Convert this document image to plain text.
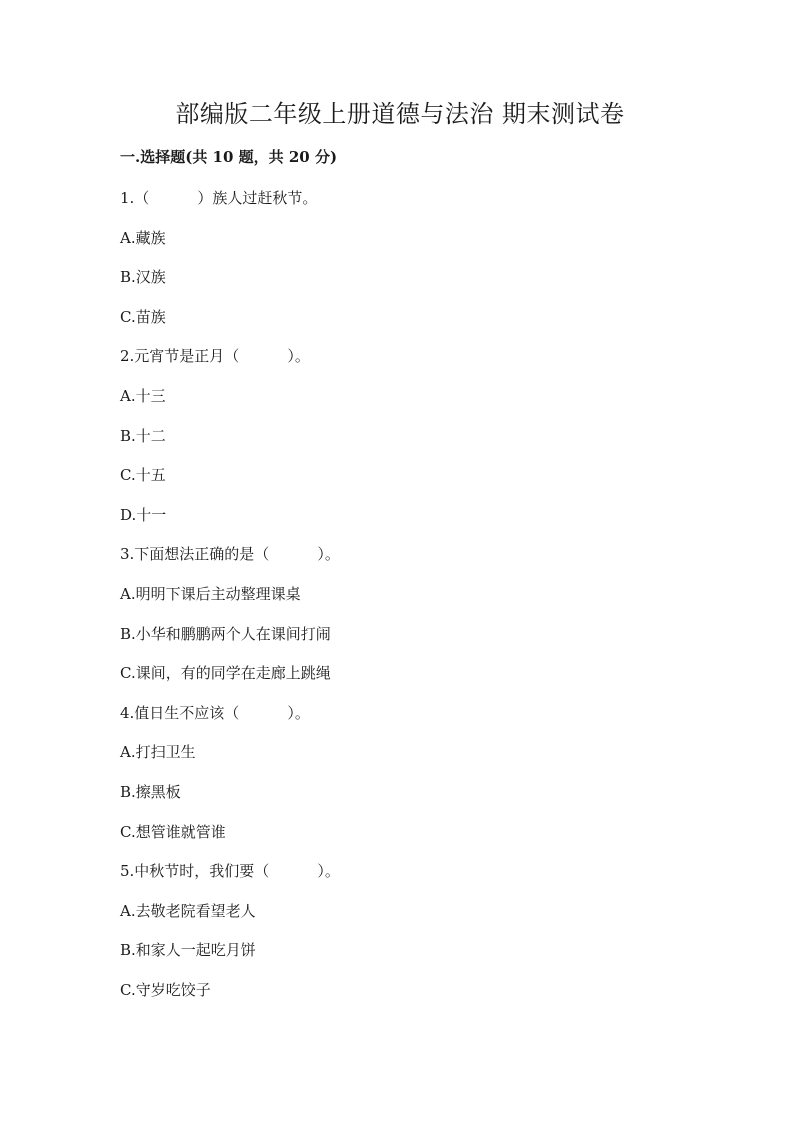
部编版二年级上册道德与法治 期末测试卷
一.选择题(共 10 题，共 20 分)
1.（	）族人过赶秋节。
A.藏族
B.汉族
C.苗族
2.元宵节是正月（	）。
A.十三
B.十二
C.十五
D.十一
3.下面想法正确的是（	）。
A.明明下课后主动整理课桌
B.小华和鹏鹏两个人在课间打闹
C.课间，有的同学在走廊上跳绳
4.值日生不应该（	）。
A.打扫卫生
B.擦黑板
C.想管谁就管谁
5.中秋节时，我们要（	）。
A.去敬老院看望老人
B.和家人一起吃月饼
C.守岁吃饺子
